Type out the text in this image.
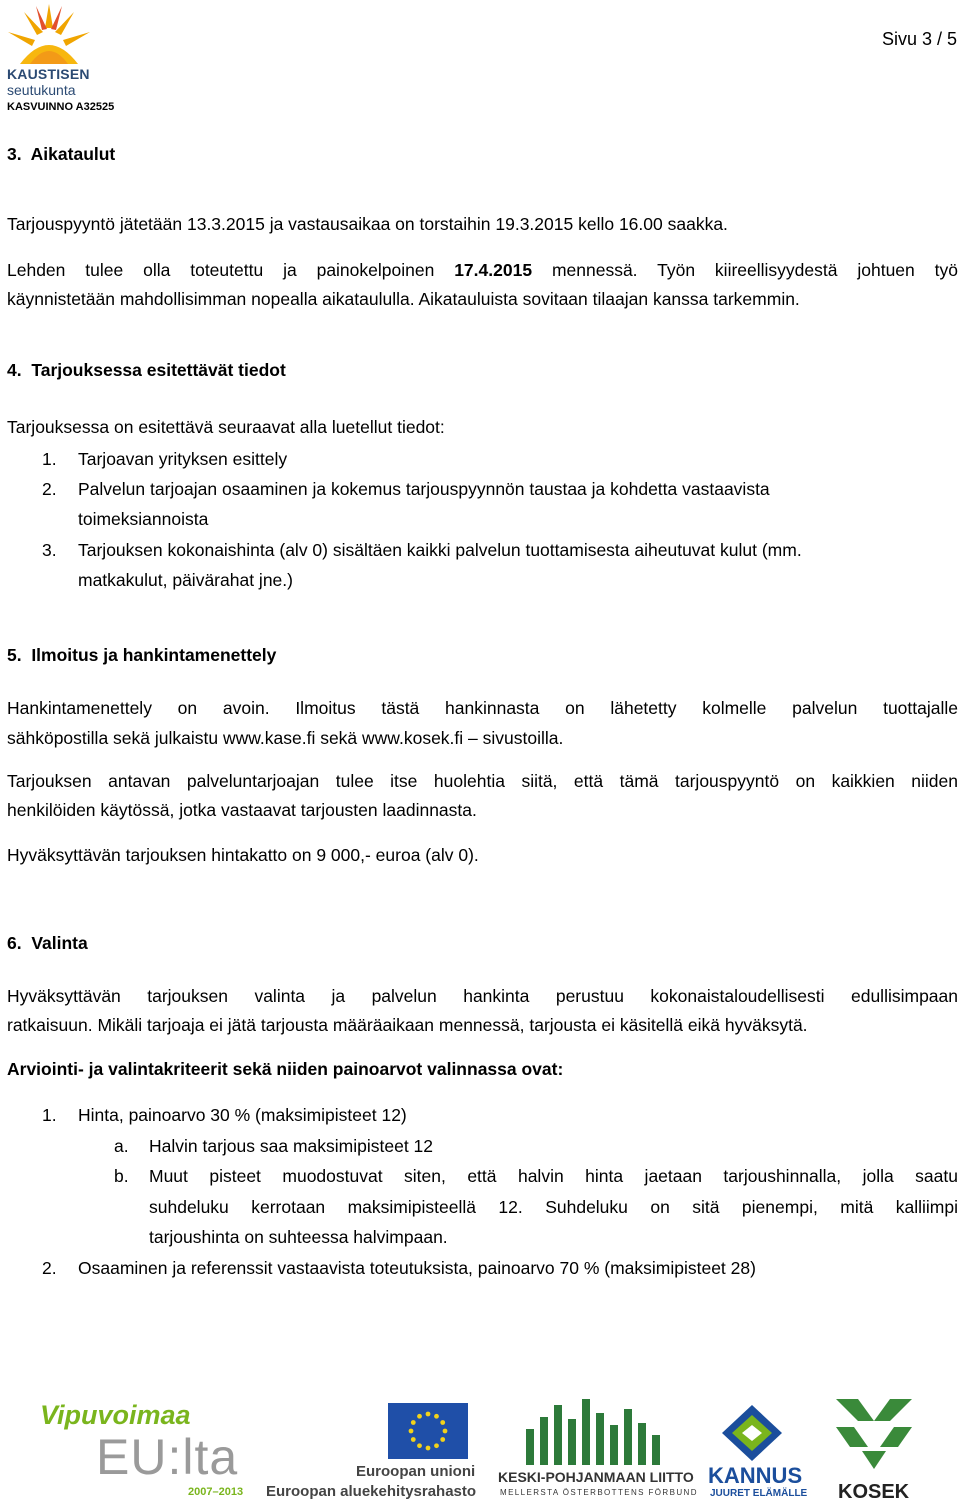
KAUSTISEN
seutukunta
KASVUINNO A32525
Sivu 3 / 5
3.  Aikataulut
Tarjouspyyntö jätetään 13.3.2015 ja vastausaikaa on torstaihin 19.3.2015 kello 16.00 saakka.
Lehden tulee olla toteutettu ja painokelpoinen 17.4.2015 mennessä. Työn kiireellisyydestä johtuen työ
käynnistetään mahdollisimman nopealla aikataululla. Aikatauluista sovitaan tilaajan kanssa tarkemmin.
4.  Tarjouksessa esitettävät tiedot
Tarjouksessa on esitettävä seuraavat alla luetellut tiedot:
1. Tarjoavan yrityksen esittely
2. Palvelun tarjoajan osaaminen ja kokemus tarjouspyynnön taustaa ja kohdetta vastaavista
toimeksiannoista
3. Tarjouksen kokonaishinta (alv 0) sisältäen kaikki palvelun tuottamisesta aiheutuvat kulut (mm.
matkakulut, päivärahat jne.)
5.  Ilmoitus ja hankintamenettely
Hankintamenettely on avoin. Ilmoitus tästä hankinnasta on lähetetty kolmelle palvelun tuottajalle
sähköpostilla sekä julkaistu www.kase.fi sekä www.kosek.fi – sivustoilla.
Tarjouksen antavan palveluntarjoajan tulee itse huolehtia siitä, että tämä tarjouspyyntö on kaikkien niiden
henkilöiden käytössä, jotka vastaavat tarjousten laadinnasta.
Hyväksyttävän tarjouksen hintakatto on 9 000,- euroa (alv 0).
6.  Valinta
Hyväksyttävän tarjouksen valinta ja palvelun hankinta perustuu kokonaistaloudellisesti edullisimpaan
ratkaisuun. Mikäli tarjoaja ei jätä tarjousta määräaikaan mennessä, tarjousta ei käsitellä eikä hyväksytä.
Arviointi- ja valintakriteerit sekä niiden painoarvot valinnassa ovat:
1. Hinta, painoarvo 30 % (maksimipisteet 12)
a. Halvin tarjous saa maksimipisteet 12
b. Muut pisteet muodostuvat siten, että halvin hinta jaetaan tarjoushinnalla, jolla saatu
suhdeluku kerrotaan maksimipisteellä 12. Suhdeluku on sitä pienempi, mitä kalliimpi
tarjoushinta on suhteessa halvimpaan.
2. Osaaminen ja referenssit vastaavista toteutuksista, painoarvo 70 % (maksimipisteet 28)
Vipuvoimaa
EU:lta
2007–2013
Euroopan unioni
Euroopan aluekehitysrahasto
KESKI-POHJANMAAN LIITTO
MELLERSTA ÖSTERBOTTENS FÖRBUND
KANNUS
JUURET ELÄMÄLLE KOSEK
